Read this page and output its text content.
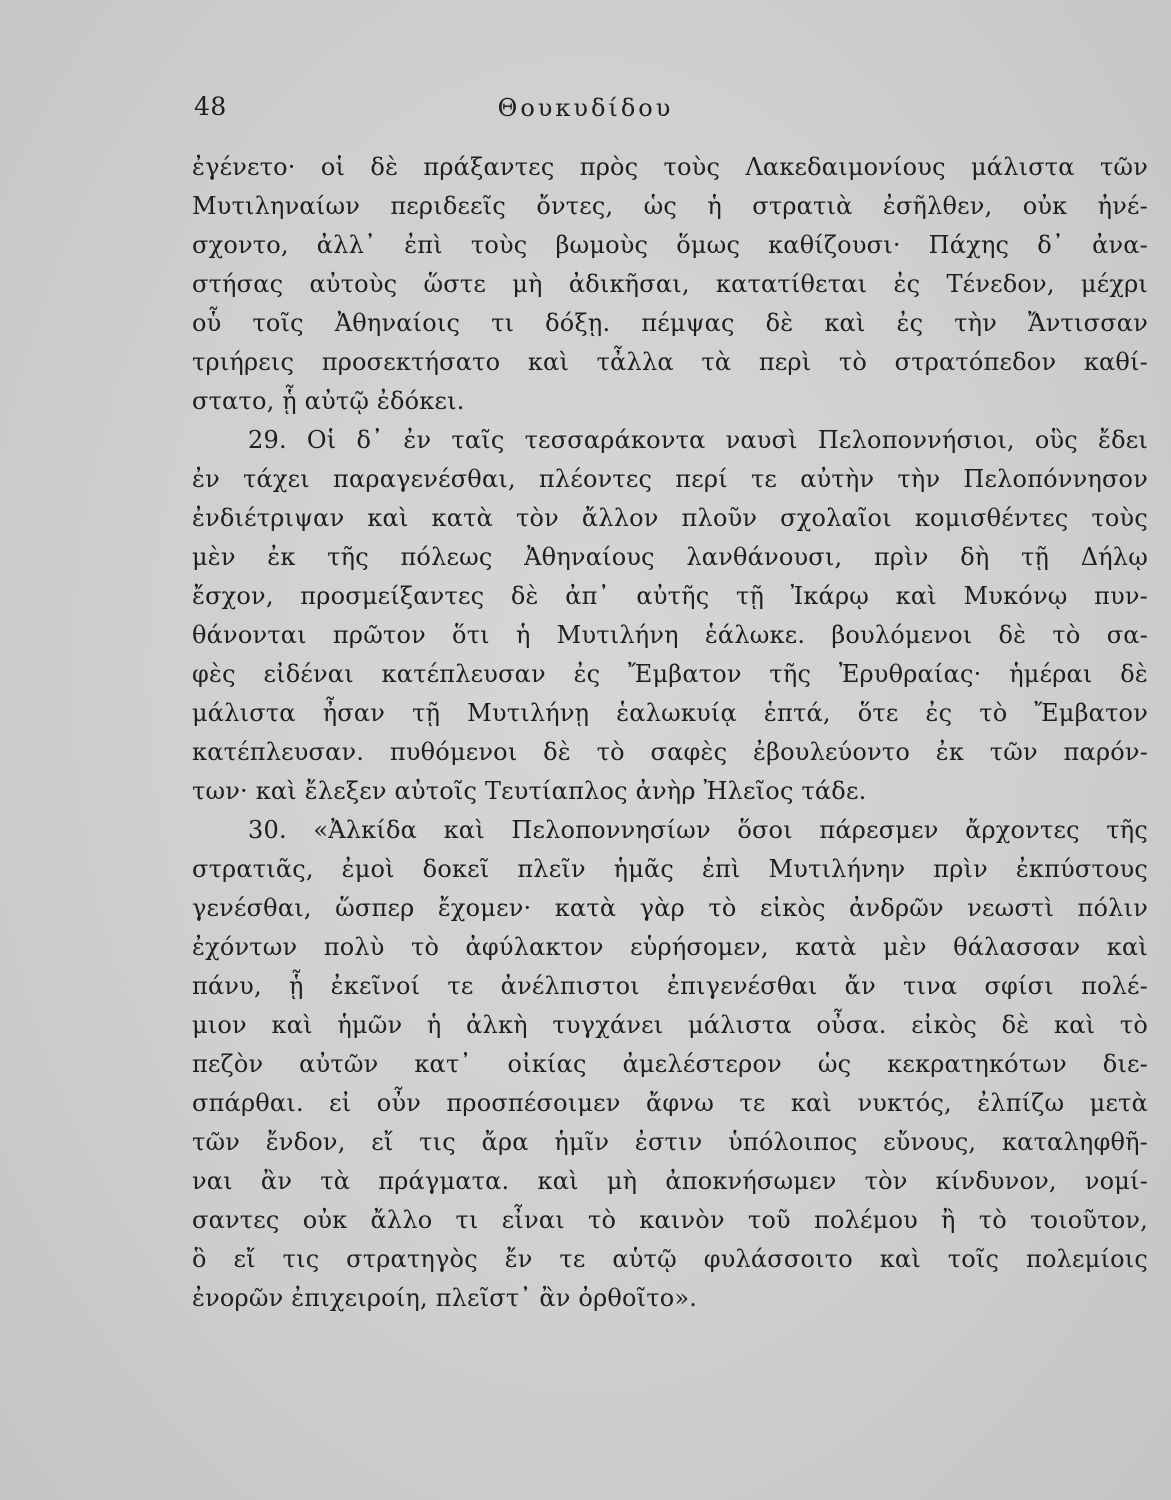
48	Θουκυδίδου
ἐγένετο· οἱ δὲ πράξαντες πρὸς τοὺς Λακεδαιμονίους μάλιστα τῶν
Μυτιληναίων περιδεεῖς ὄντες, ὡς ἡ στρατιὰ ἐσῆλθεν, οὐκ ἠνέ-
σχοντο, ἀλλ᾽ ἐπὶ τοὺς βωμοὺς ὅμως καθίζουσι· Πάχης δ᾽ ἀνα-
στήσας αὐτοὺς ὥστε μὴ ἀδικῆσαι, κατατίθεται ἐς Τένεδον, μέχρι
οὗ τοῖς Ἀθηναίοις τι δόξῃ. πέμψας δὲ καὶ ἐς τὴν Ἄντισσαν
τριήρεις προσεκτήσατο καὶ τἆλλα τὰ περὶ τὸ στρατόπεδον καθί-
στατο, ᾗ αὐτῷ ἐδόκει.
29. Οἱ δ᾽ ἐν ταῖς τεσσαράκοντα ναυσὶ Πελοποννήσιοι, οὓς ἔδει
ἐν τάχει παραγενέσθαι, πλέοντες περί τε αὐτὴν τὴν Πελοπόννησον
ἐνδιέτριψαν καὶ κατὰ τὸν ἄλλον πλοῦν σχολαῖοι κομισθέντες τοὺς
μὲν ἐκ τῆς πόλεως Ἀθηναίους λανθάνουσι, πρὶν δὴ τῇ Δήλῳ
ἔσχον, προσμείξαντες δὲ ἀπ᾽ αὐτῆς τῇ Ἰκάρῳ καὶ Μυκόνῳ πυν-
θάνονται πρῶτον ὅτι ἡ Μυτιλήνη ἑάλωκε. βουλόμενοι δὲ τὸ σα-
φὲς εἰδέναι κατέπλευσαν ἐς Ἔμβατον τῆς Ἐρυθραίας· ἡμέραι δὲ
μάλιστα ἦσαν τῇ Μυτιλήνῃ ἑαλωκυίᾳ ἑπτά, ὅτε ἐς τὸ Ἔμβατον
κατέπλευσαν. πυθόμενοι δὲ τὸ σαφὲς ἐβουλεύοντο ἐκ τῶν παρόν-
των· καὶ ἔλεξεν αὐτοῖς Τευτίαπλος ἀνὴρ Ἠλεῖος τάδε.
30. «Ἀλκίδα καὶ Πελοποννησίων ὅσοι πάρεσμεν ἄρχοντες τῆς
στρατιᾶς, ἐμοὶ δοκεῖ πλεῖν ἡμᾶς ἐπὶ Μυτιλήνην πρὶν ἐκπύστους
γενέσθαι, ὥσπερ ἔχομεν· κατὰ γὰρ τὸ εἰκὸς ἀνδρῶν νεωστὶ πόλιν
ἐχόντων πολὺ τὸ ἀφύλακτον εὑρήσομεν, κατὰ μὲν θάλασσαν καὶ
πάνυ, ᾗ ἐκεῖνοί τε ἀνέλπιστοι ἐπιγενέσθαι ἄν τινα σφίσι πολέ-
μιον καὶ ἡμῶν ἡ ἀλκὴ τυγχάνει μάλιστα οὖσα. εἰκὸς δὲ καὶ τὸ
πεζὸν αὐτῶν κατ᾽ οἰκίας ἀμελέστερον ὡς κεκρατηκότων διε-
σπάρθαι. εἰ οὖν προσπέσοιμεν ἄφνω τε καὶ νυκτός, ἐλπίζω μετὰ
τῶν ἔνδον, εἴ τις ἄρα ἡμῖν ἐστιν ὑπόλοιπος εὔνους, καταληφθῆ-
ναι ἂν τὰ πράγματα. καὶ μὴ ἀποκνήσωμεν τὸν κίνδυνον, νομί-
σαντες οὐκ ἄλλο τι εἶναι τὸ καινὸν τοῦ πολέμου ἢ τὸ τοιοῦτον,
ὃ εἴ τις στρατηγὸς ἔν τε αὑτῷ φυλάσσοιτο καὶ τοῖς πολεμίοις
ἐνορῶν ἐπιχειροίη, πλεῖστ᾽ ἂν ὀρθοῖτο».
